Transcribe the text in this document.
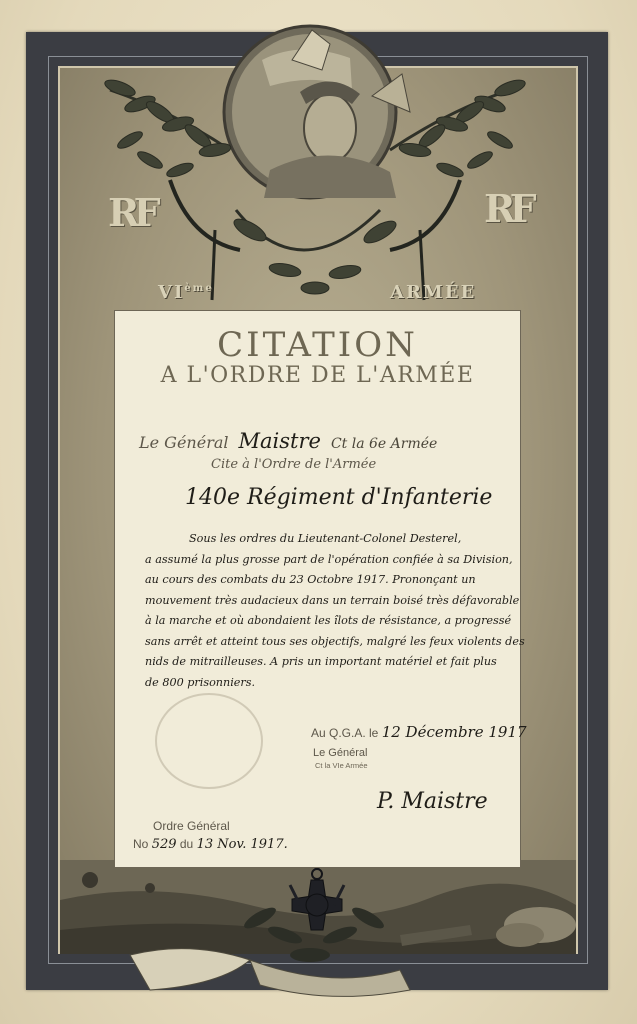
RF	RF
VIème	ARMÉE
CITATION
A L'ORDRE DE L'ARMÉE
Le Général Maistre Ct la 6e Armée
Cite à l'Ordre de l'Armée
140e Régiment d'Infanterie
Sous les ordres du Lieutenant-Colonel Desterel,
a assumé la plus grosse part de l'opération confiée à sa Division,
au cours des combats du 23 Octobre 1917. Prononçant un
mouvement très audacieux dans un terrain boisé très défavorable
à la marche et où abondaient les îlots de résistance, a progressé
sans arrêt et atteint tous ses objectifs, malgré les feux violents des
nids de mitrailleuses. A pris un important matériel et fait plus
de 800 prisonniers.
Au Q.G.A. le 12 Décembre 1917
Le Général
Ct la VIe Armée
P. Maistre
Ordre Général
No 529 du 13 Nov. 1917.
